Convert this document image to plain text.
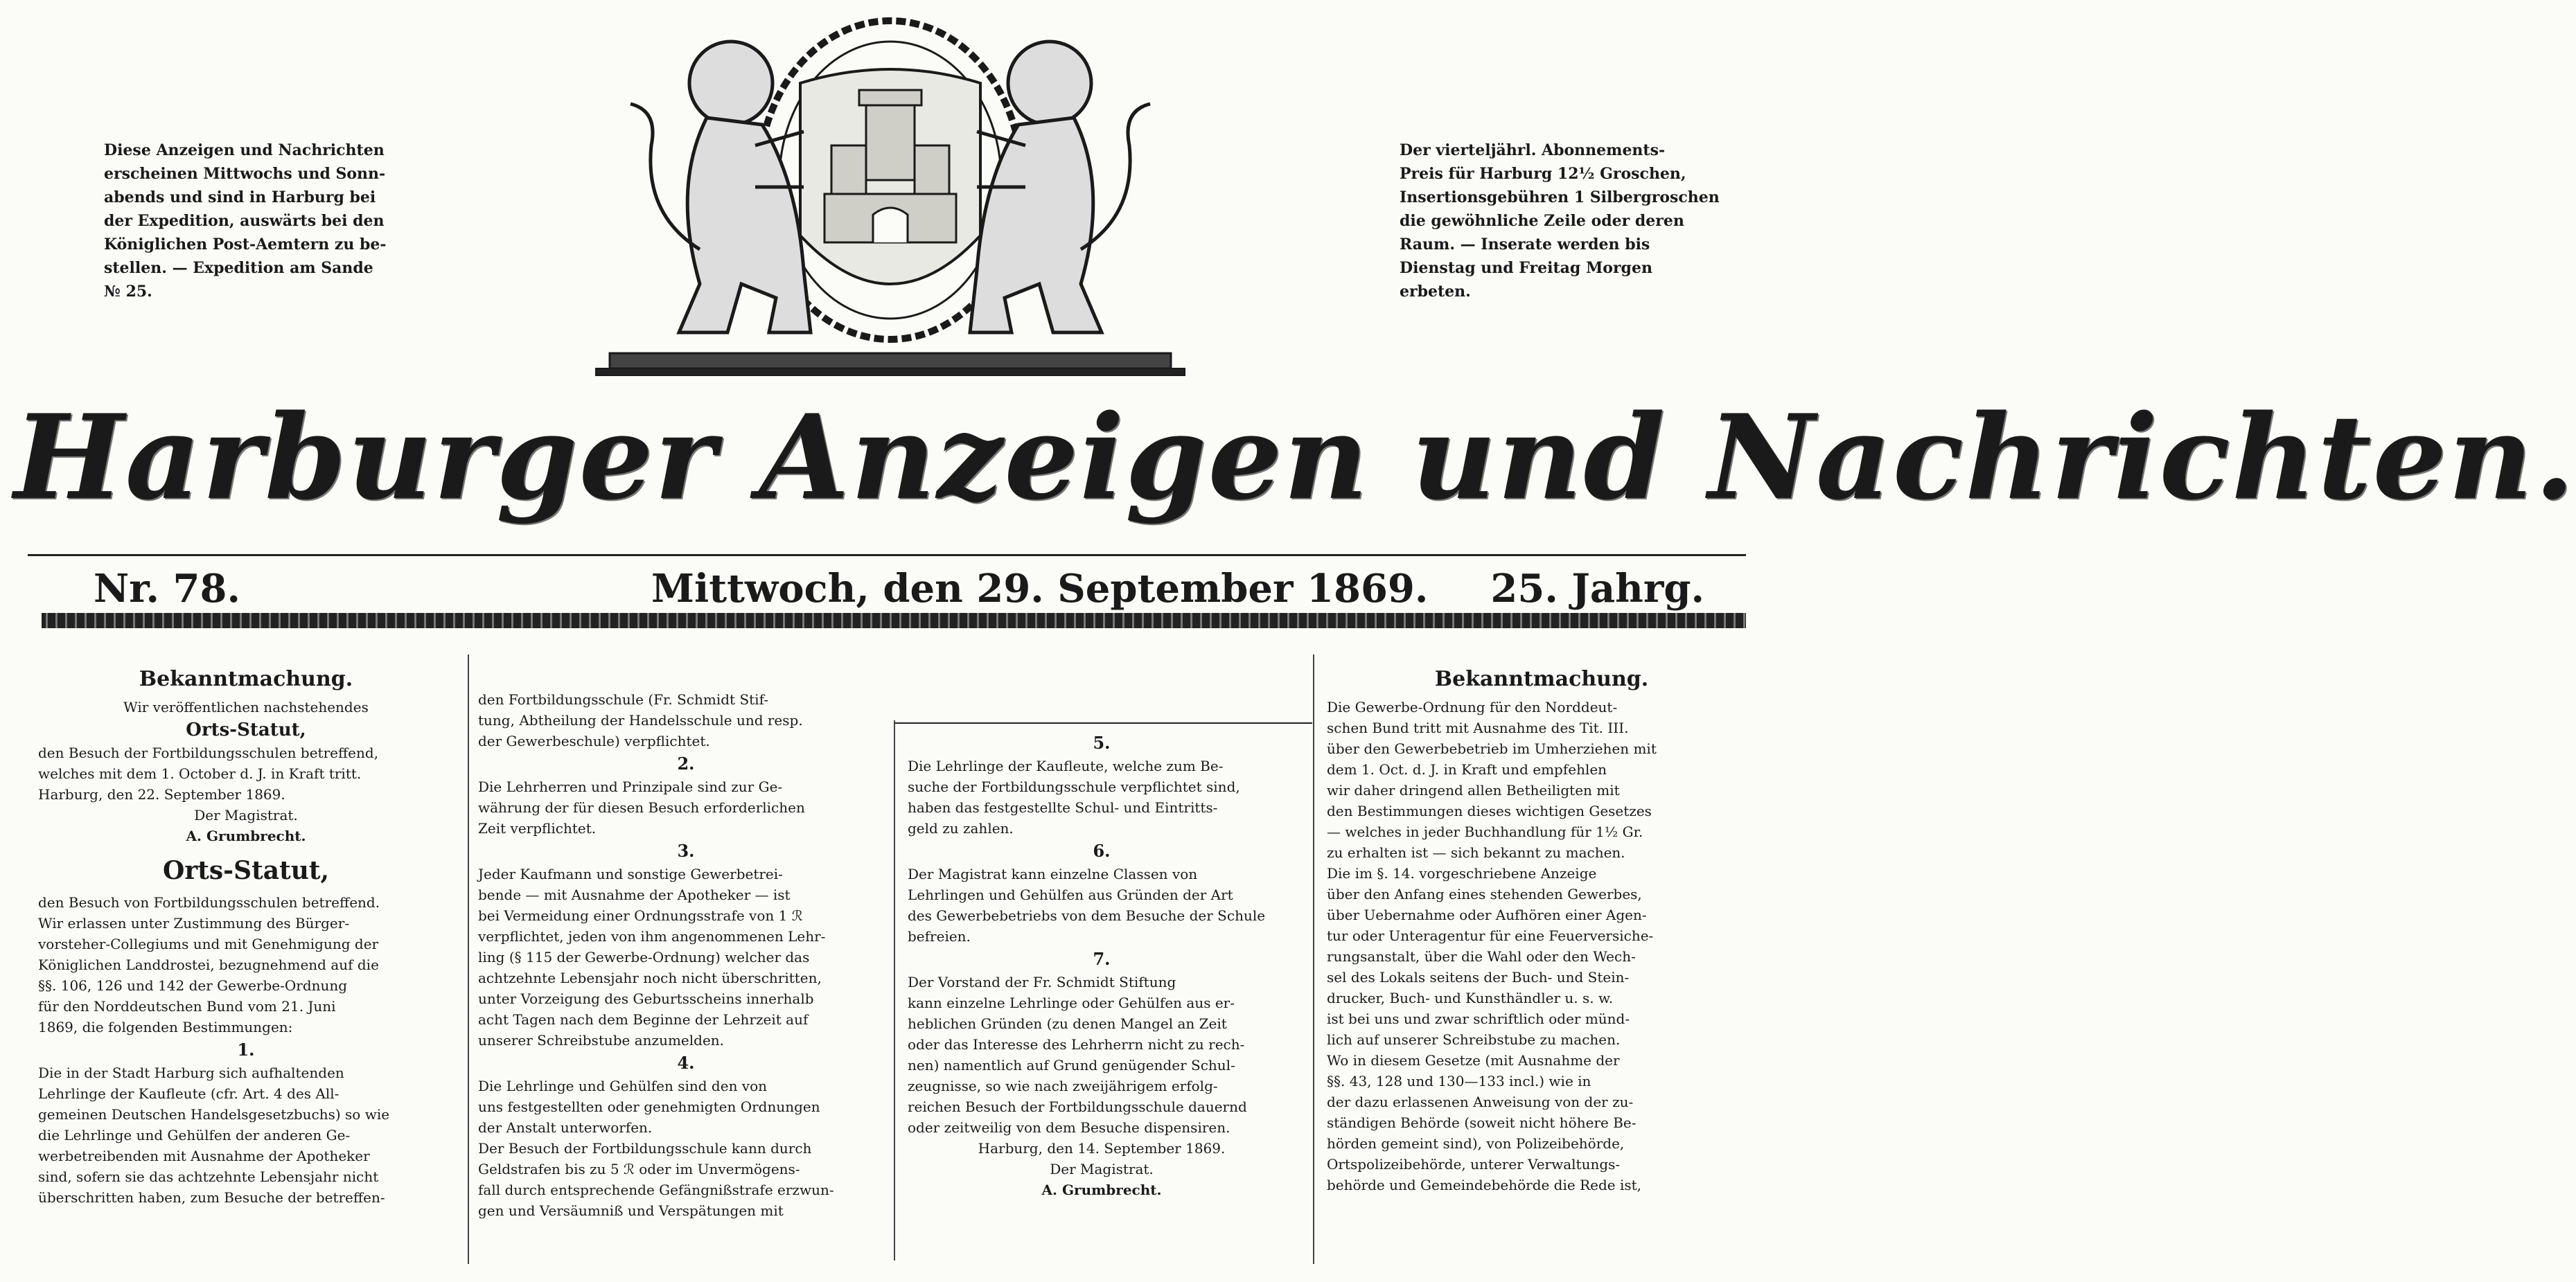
Diese Anzeigen und Nachrichten

erscheinen Mittwochs und Sonn-

abends und sind in Harburg bei

der Expedition, auswärts bei den

Königlichen Post-Aemtern zu be-

stellen. — Expedition am Sande

№ 25.

Der vierteljährl. Abonnements-

Preis für Harburg 12½ Groschen,

Insertionsgebühren 1 Silbergroschen

die gewöhnliche Zeile oder deren

Raum. — Inserate werden bis

Dienstag und Freitag Morgen

erbeten.

Harburger Anzeigen und Nachrichten.
Nr. 78.	Mittwoch, den 29. September 1869. 25. Jahrg.

Bekanntmachung.

Wir veröffentlichen nachstehendes

Orts-Statut,

den Besuch der Fortbildungsschulen betreffend,

welches mit dem 1. October d. J. in Kraft tritt.

Harburg, den 22. September 1869.

Der Magistrat.

A. Grumbrecht.

Orts-Statut,

den Besuch von Fortbildungsschulen betreffend.

Wir erlassen unter Zustimmung des Bürger-

vorsteher-Collegiums und mit Genehmigung der

Königlichen Landdrostei, bezugnehmend auf die

§§. 106, 126 und 142 der Gewerbe-Ordnung

für den Norddeutschen Bund vom 21. Juni

1869, die folgenden Bestimmungen:

1.

Die in der Stadt Harburg sich aufhaltenden

Lehrlinge der Kaufleute (cfr. Art. 4 des All-

gemeinen Deutschen Handelsgesetzbuchs) so wie

die Lehrlinge und Gehülfen der anderen Ge-

werbetreibenden mit Ausnahme der Apotheker

sind, sofern sie das achtzehnte Lebensjahr nicht

überschritten haben, zum Besuche der betreffen-

den Fortbildungsschule (Fr. Schmidt Stif-

tung, Abtheilung der Handelsschule und resp.

der Gewerbeschule) verpflichtet.

2.

Die Lehrherren und Prinzipale sind zur Ge-

währung der für diesen Besuch erforderlichen

Zeit verpflichtet.

3.

Jeder Kaufmann und sonstige Gewerbetrei-

bende — mit Ausnahme der Apotheker — ist

bei Vermeidung einer Ordnungsstrafe von 1 ℛ

verpflichtet, jeden von ihm angenommenen Lehr-

ling (§ 115 der Gewerbe-Ordnung) welcher das

achtzehnte Lebensjahr noch nicht überschritten,

unter Vorzeigung des Geburtsscheins innerhalb

acht Tagen nach dem Beginne der Lehrzeit auf

unserer Schreibstube anzumelden.

4.

Die Lehrlinge und Gehülfen sind den von

uns festgestellten oder genehmigten Ordnungen

der Anstalt unterworfen.

Der Besuch der Fortbildungsschule kann durch

Geldstrafen bis zu 5 ℛ oder im Unvermögens-

fall durch entsprechende Gefängnißstrafe erzwun-

gen und Versäumniß und Verspätungen mit

5.

Die Lehrlinge der Kaufleute, welche zum Be-

suche der Fortbildungsschule verpflichtet sind,

haben das festgestellte Schul- und Eintritts-

geld zu zahlen.

6.

Der Magistrat kann einzelne Classen von

Lehrlingen und Gehülfen aus Gründen der Art

des Gewerbebetriebs von dem Besuche der Schule

befreien.

7.

Der Vorstand der Fr. Schmidt Stiftung

kann einzelne Lehrlinge oder Gehülfen aus er-

heblichen Gründen (zu denen Mangel an Zeit

oder das Interesse des Lehrherrn nicht zu rech-

nen) namentlich auf Grund genügender Schul-

zeugnisse, so wie nach zweijährigem erfolg-

reichen Besuch der Fortbildungsschule dauernd

oder zeitweilig von dem Besuche dispensiren.

Harburg, den 14. September 1869.

Der Magistrat.

A. Grumbrecht.

Bekanntmachung.

Die Gewerbe-Ordnung für den Norddeut-

schen Bund tritt mit Ausnahme des Tit. III.

über den Gewerbebetrieb im Umherziehen mit

dem 1. Oct. d. J. in Kraft und empfehlen

wir daher dringend allen Betheiligten mit

den Bestimmungen dieses wichtigen Gesetzes

— welches in jeder Buchhandlung für 1½ Gr.

zu erhalten ist — sich bekannt zu machen.

Die im §. 14. vorgeschriebene Anzeige

über den Anfang eines stehenden Gewerbes,

über Uebernahme oder Aufhören einer Agen-

tur oder Unteragentur für eine Feuerversiche-

rungsanstalt, über die Wahl oder den Wech-

sel des Lokals seitens der Buch- und Stein-

drucker, Buch- und Kunsthändler u. s. w.

ist bei uns und zwar schriftlich oder münd-

lich auf unserer Schreibstube zu machen.

Wo in diesem Gesetze (mit Ausnahme der

§§. 43, 128 und 130—133 incl.) wie in

der dazu erlassenen Anweisung von der zu-

ständigen Behörde (soweit nicht höhere Be-

hörden gemeint sind), von Polizeibehörde,

Ortspolizeibehörde, unterer Verwaltungs-

behörde und Gemeindebehörde die Rede ist,
